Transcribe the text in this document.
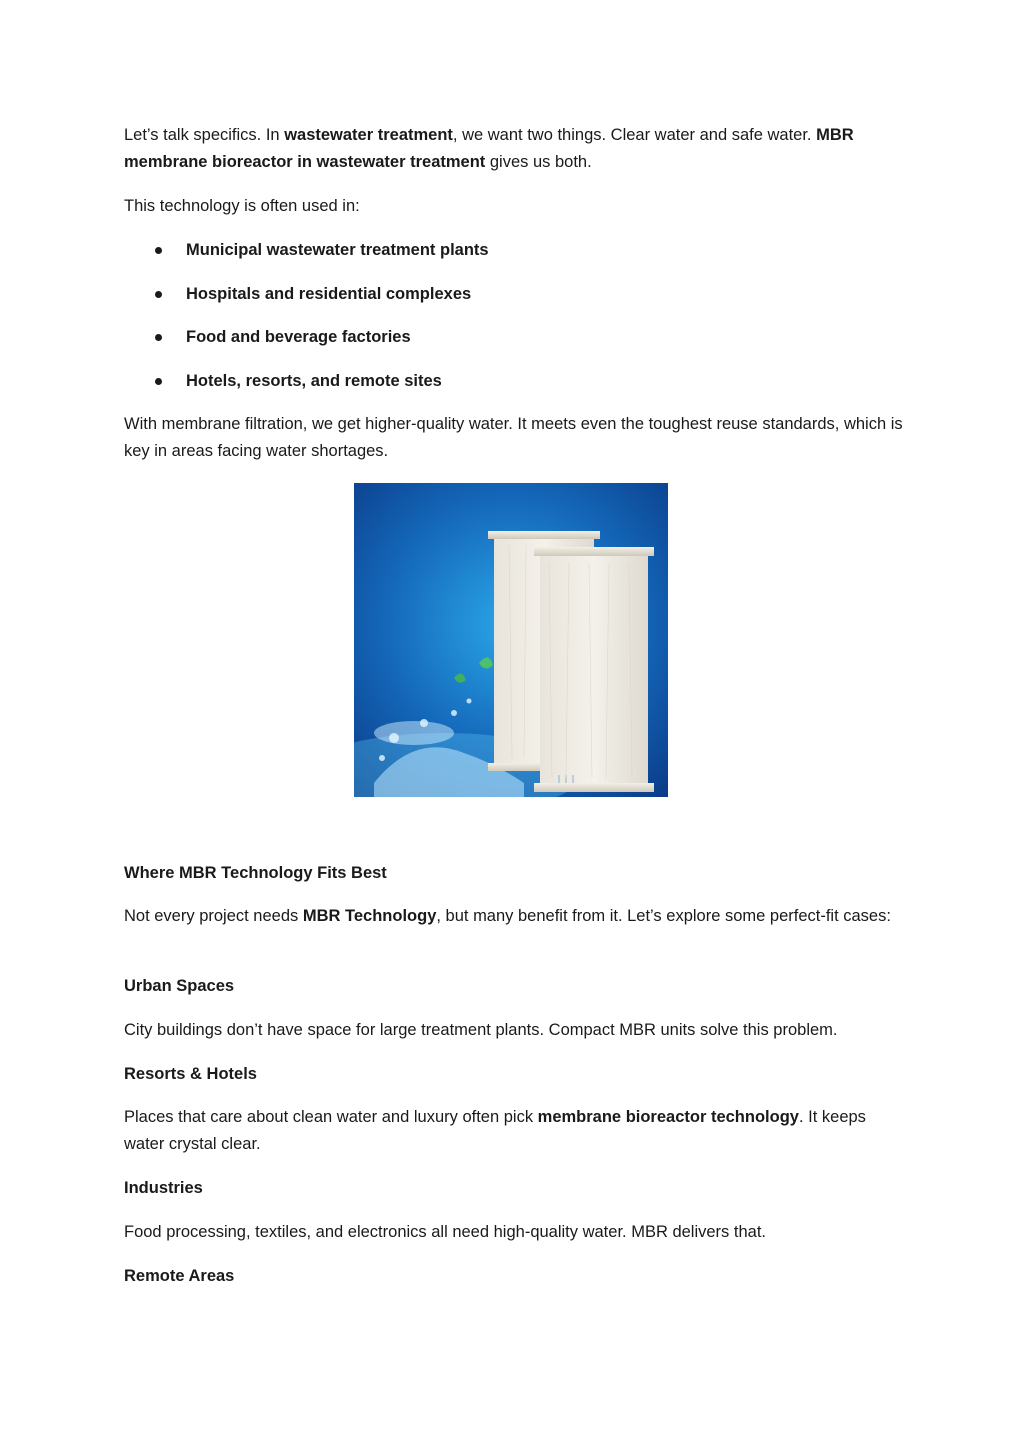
Let’s talk specifics. In wastewater treatment, we want two things. Clear water and safe water. MBR membrane bioreactor in wastewater treatment gives us both.

This technology is often used in:

Municipal wastewater treatment plants
Hospitals and residential complexes
Food and beverage factories
Hotels, resorts, and remote sites

With membrane filtration, we get higher-quality water. It meets even the toughest reuse standards, which is key in areas facing water shortages.

Where MBR Technology Fits Best

Not every project needs MBR Technology, but many benefit from it. Let’s explore some perfect-fit cases:

Urban Spaces

City buildings don’t have space for large treatment plants. Compact MBR units solve this problem.

Resorts & Hotels

Places that care about clean water and luxury often pick membrane bioreactor technology. It keeps water crystal clear.

Industries

Food processing, textiles, and electronics all need high-quality water. MBR delivers that.

Remote Areas
